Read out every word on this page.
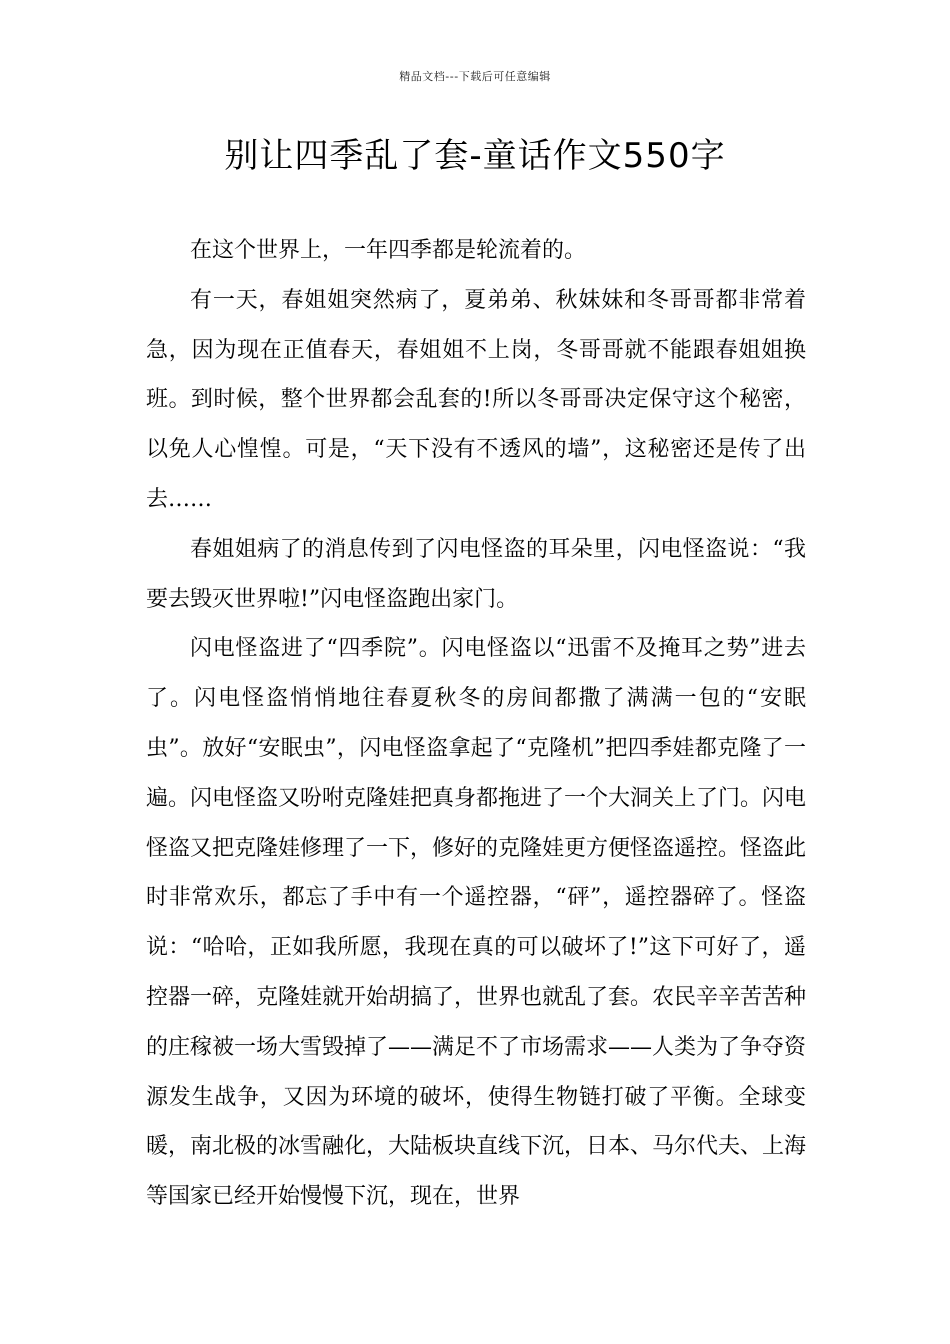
精品文档---下载后可任意编辑
别让四季乱了套-童话作文550字

在这个世界上，一年四季都是轮流着的。

有一天，春姐姐突然病了，夏弟弟、秋妹妹和冬哥哥都非常着急，因为现在正值春天，春姐姐不上岗，冬哥哥就不能跟春姐姐换班。到时候，整个世界都会乱套的!所以冬哥哥决定保守这个秘密，以免人心惶惶。可是，“天下没有不透风的墙”，这秘密还是传了出去……

春姐姐病了的消息传到了闪电怪盗的耳朵里，闪电怪盗说：“我要去毁灭世界啦!”闪电怪盗跑出家门。

闪电怪盗进了“四季院”。闪电怪盗以“迅雷不及掩耳之势”进去了。闪电怪盗悄悄地往春夏秋冬的房间都撒了满满一包的“安眠虫”。放好“安眠虫”，闪电怪盗拿起了“克隆机”把四季娃都克隆了一遍。闪电怪盗又吩咐克隆娃把真身都拖进了一个大洞关上了门。闪电怪盗又把克隆娃修理了一下，修好的克隆娃更方便怪盗遥控。怪盗此时非常欢乐，都忘了手中有一个遥控器，“砰”，遥控器碎了。怪盗说：“哈哈，正如我所愿，我现在真的可以破坏了!”这下可好了，遥控器一碎，克隆娃就开始胡搞了，世界也就乱了套。农民辛辛苦苦种的庄稼被一场大雪毁掉了——满足不了市场需求——人类为了争夺资源发生战争，又因为环境的破坏，使得生物链打破了平衡。全球变暖，南北极的冰雪融化，大陆板块直线下沉，日本、马尔代夫、上海等国家已经开始慢慢下沉，现在，世界
